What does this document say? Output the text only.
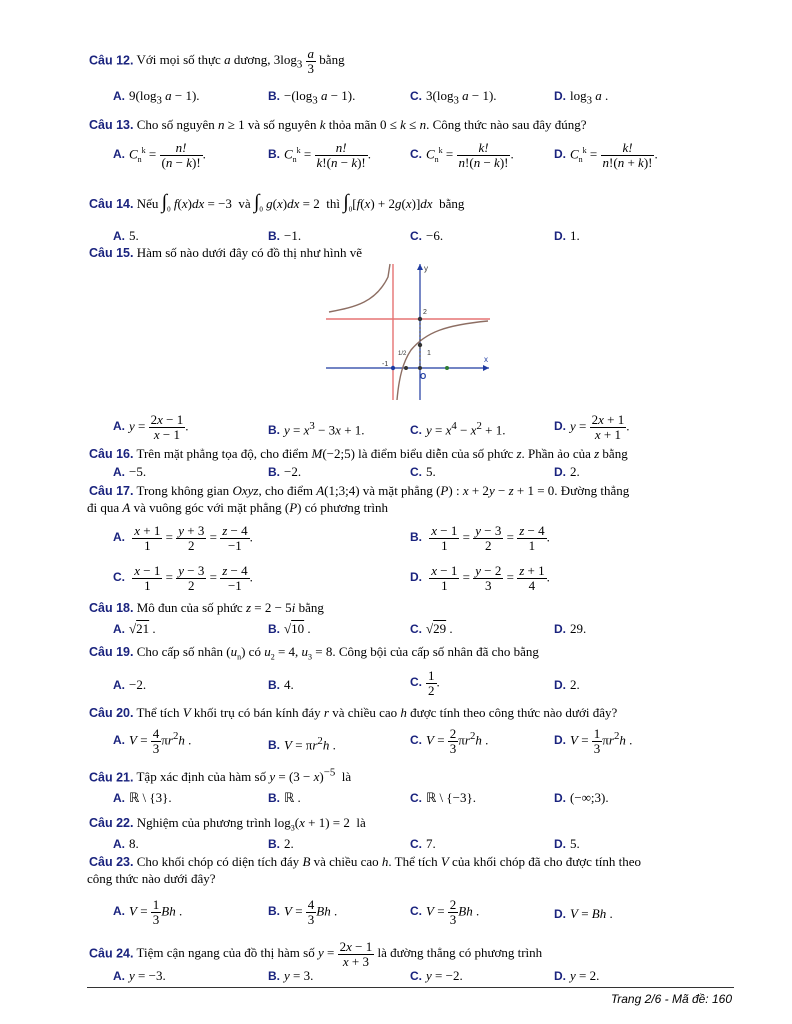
Câu 12. Với mọi số thực a dương, $3\log_3 \frac{a}{3}$ bằng
A. $9(\log_3$ a − 1).	B. $-(\log_3$ a − 1).	C. $3(\log_3$ a − 1).	D. $\log_3 a$ .
Câu 13. Cho số nguyên n ≥ 1 và số nguyên k thỏa mãn 0 ≤ k ≤ n. Công thức nào sau đây đúng?
A. $C_n^k = \frac{n!}{(n - k)!}$ .	B. $C_n^k = \frac{n!}{k!(n - k)!}$ .	C. $C_n^k = \frac{k!}{n!(n - k)!}$ .	D. $C_n^k = \frac{k!}{n!(n + k)!}$ .
Câu 14. Nếu $\int_0$ f(x)dx = −3  và $\int_0$ g(x)dx = 2  thì $\int_0[f(x) + 2g(x)]dx$  bằng
A. 5.	B. −1.	C. −6.	D. 1.
Câu 15. Hàm số nào dưới đây có đồ thị như hình vẽ
y
x
2
1
-1
1/2
O
A. $y = \frac{2x - 1}{x - 1}$ .	B. $y = x^3 - 3x + 1$.	C. $y = x^4 - x^2 + 1$.	D. $y = \frac{2x + 1}{x + 1}$ .
Câu 16. Trên mặt phẳng tọa độ, cho điểm M(−2;5) là điểm biểu diễn của số phức z. Phần ảo của z bằng
A. −5.	B. −2.	C. 5.	D. 2.
Câu 17. Trong không gian Oxyz, cho điểm A(1;3;4) và mặt phẳng (P) : x + 2y − z + 1 = 0. Đường thẳng
đi qua A và vuông góc với mặt phẳng (P) có phương trình
A. $\frac{x + 1}{1} = \frac{y + 3}{2} = \frac{z - 4}{-1}$ .	B. $\frac{x - 1}{1} = \frac{y - 3}{2} = \frac{z - 4}{1}$ .
C. $\frac{x - 1}{1} = \frac{y - 3}{2} = \frac{z - 4}{-1}$ .	D. $\frac{x - 1}{1} = \frac{y - 2}{3} = \frac{z + 1}{4}$ .
Câu 18. Mô đun của số phức z = 2 − 5i bằng
A. √21 .	B. √10 .	C. √29 .	D. 29.
Câu 19. Cho cấp số nhân $(u_n)$ có $u_2 = 4$, $u_3 = 8$. Công bội của cấp số nhân đã cho bằng
A. −2.	B. 4.	C. $\frac{1}{2}$ .	D. 2.
Câu 20. Thể tích V khối trụ có bán kính đáy r và chiều cao h được tính theo công thức nào dưới đây?
A. $V = \frac{4}{3} \pi r^2h$ .	B. $V = \pi r^2h$ .	C. $V = \frac{2}{3} \pi r^2h$ .	D. $V = \frac{1}{3} \pi r^2h$ .
Câu 21. Tập xác định của hàm số $y = (3 - x)^{-5}$  là
A. ℝ \ {3}.	B. ℝ .	C. ℝ \ {−3}.	D. (−∞;3).
Câu 22. Nghiệm của phương trình $\log_3(x + 1) = 2$  là
A. 8.	B. 2.	C. 7.	D. 5.
Câu 23. Cho khối chóp có diện tích đáy B và chiều cao h. Thể tích V của khối chóp đã cho được tính theo
công thức nào dưới đây?
A. $V = \frac{1}{3}$ Bh .	B. $V = \frac{4}{3}$ Bh .	C. $V = \frac{2}{3}$ Bh .	D. V = Bh .
Câu 24. Tiệm cận ngang của đồ thị hàm số $y = \frac{2x - 1}{x + 3}$ là đường thẳng có phương trình
A. y = −3.	B. y = 3.	C. y = −2.	D. y = 2.
Trang 2/6 - Mã đề: 160
